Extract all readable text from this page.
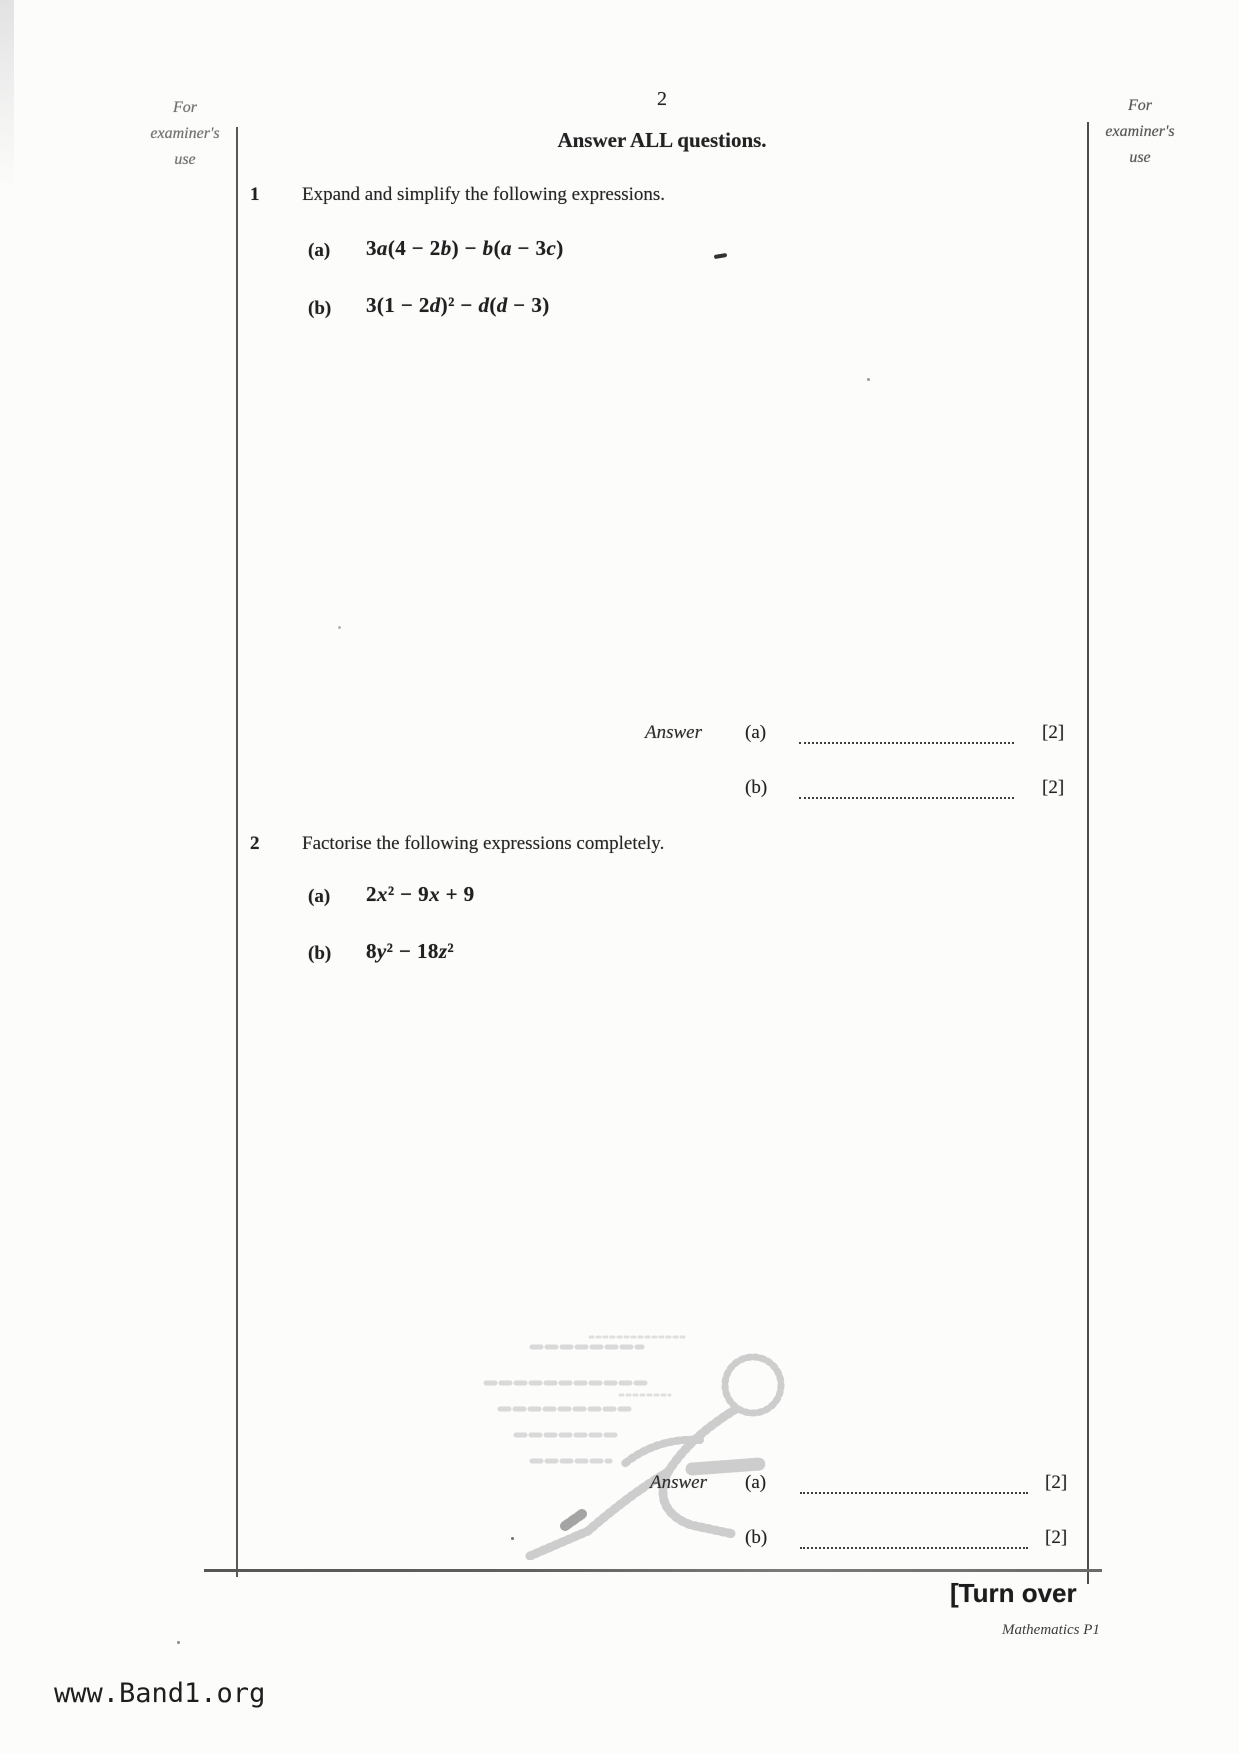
For
examiner's
use
For
examiner's
use
2
Answer ALL questions.
1 Expand and simplify the following expressions.
(a) 3a(4 − 2b) − b(a − 3c)
(b) 3(1 − 2d)² − d(d − 3)
Answer (a)	[2]
(b)	[2]
2 Factorise the following expressions completely.
(a) 2x² − 9x + 9
(b) 8y² − 18z²
Answer (a)	[2]
(b)	[2]
[Turn over
Mathematics P1
www.Band1.org
